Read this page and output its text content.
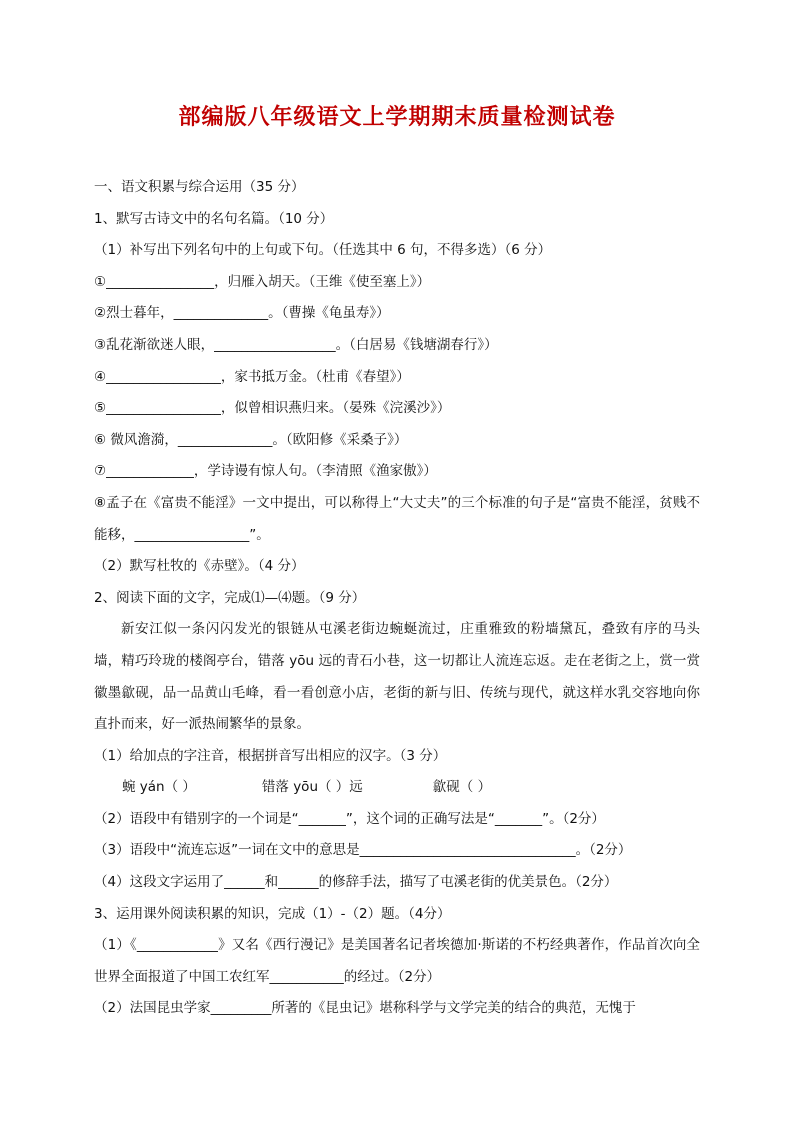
部编版八年级语文上学期期末质量检测试卷
一、语文积累与综合运用（35 分）
1、默写古诗文中的名句名篇。（10 分）
（1）补写出下列名句中的上句或下句。（任选其中 6 句，不得多选）（6 分）
①________________，归雁入胡天。（王维《使至塞上》）
②烈士暮年，______________。（曹操《龟虽寿》）
③乱花渐欲迷人眼，__________________。（白居易《钱塘湖春行》）
④_________________，家书抵万金。（杜甫《春望》）
⑤_________________，似曾相识燕归来。（晏殊《浣溪沙》）
⑥ 微风澹漪，______________。（欧阳修《采桑子》）
⑦_____________，学诗谩有惊人句。（李清照《渔家傲》）
⑧孟子在《富贵不能淫》一文中提出，可以称得上“大丈夫”的三个标准的句子是“富贵不能淫，贫贱不能移，_________________”。
（2）默写杜牧的《赤壁》。（4 分）
2、阅读下面的文字，完成⑴—⑷题。（9 分）
新安江似一条闪闪发光的银链从屯溪老街边蜿蜒流过，庄重雅致的粉墙黛瓦，叠致有序的马头墙，精巧玲珑的楼阁亭台，错落 yōu 远的青石小巷，这一切都让人流连忘返。走在老街之上，赏一赏徽墨歙砚，品一品黄山毛峰，看一看创意小店，老街的新与旧、传统与现代，就这样水乳交容地向你直扑而来，好一派热闹繁华的景象。
（1）给加点的字注音，根据拼音写出相应的汉字。（3 分）
蜿 yán（ ）	错落 yōu（ ）远	歙砚（ ）
（2）语段中有错别字的一个词是“_______”，这个词的正确写法是“_______”。（2分）
（3）语段中“流连忘返”一词在文中的意思是________________________________。（2分）
（4）这段文字运用了______和______的修辞手法，描写了屯溪老街的优美景色。（2分）
3、运用课外阅读积累的知识，完成（1）-（2）题。（4分）
（1）《____________》又名《西行漫记》是美国著名记者埃德加·斯诺的不朽经典著作，作品首次向全世界全面报道了中国工农红军___________的经过。（2分）
（2）法国昆虫学家_________所著的《昆虫记》堪称科学与文学完美的结合的典范，无愧于
